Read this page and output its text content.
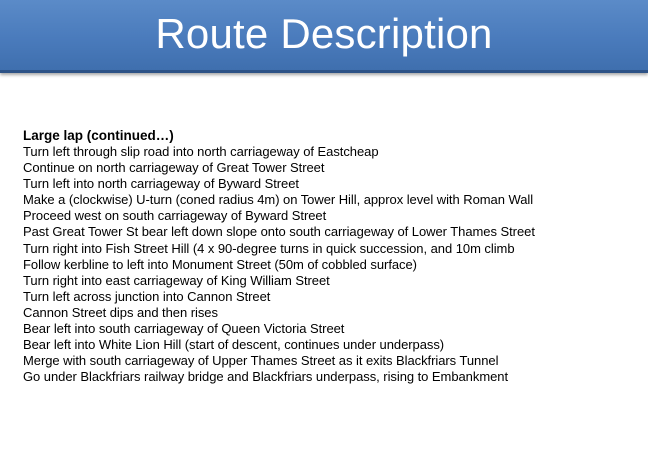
Route Description
Large lap (continued…)
Turn left through slip road into north carriageway of Eastcheap
Continue on north carriageway of Great Tower Street
Turn left into north carriageway of Byward Street
Make a (clockwise) U-turn (coned radius 4m) on Tower Hill, approx level with Roman Wall
Proceed west on south carriageway of Byward Street
Past Great Tower St bear left down slope onto south carriageway of Lower Thames Street
Turn right into Fish Street Hill (4 x 90-degree turns in quick succession, and 10m climb
Follow kerbline to left into Monument Street (50m of cobbled surface)
Turn right into east carriageway of King William Street
Turn left across junction into Cannon Street
Cannon Street dips and then rises
Bear left into south carriageway of Queen Victoria Street
Bear left into White Lion Hill (start of descent, continues under underpass)
Merge with south carriageway of Upper Thames Street as it exits Blackfriars Tunnel
Go under Blackfriars railway bridge and Blackfriars underpass, rising to Embankment
